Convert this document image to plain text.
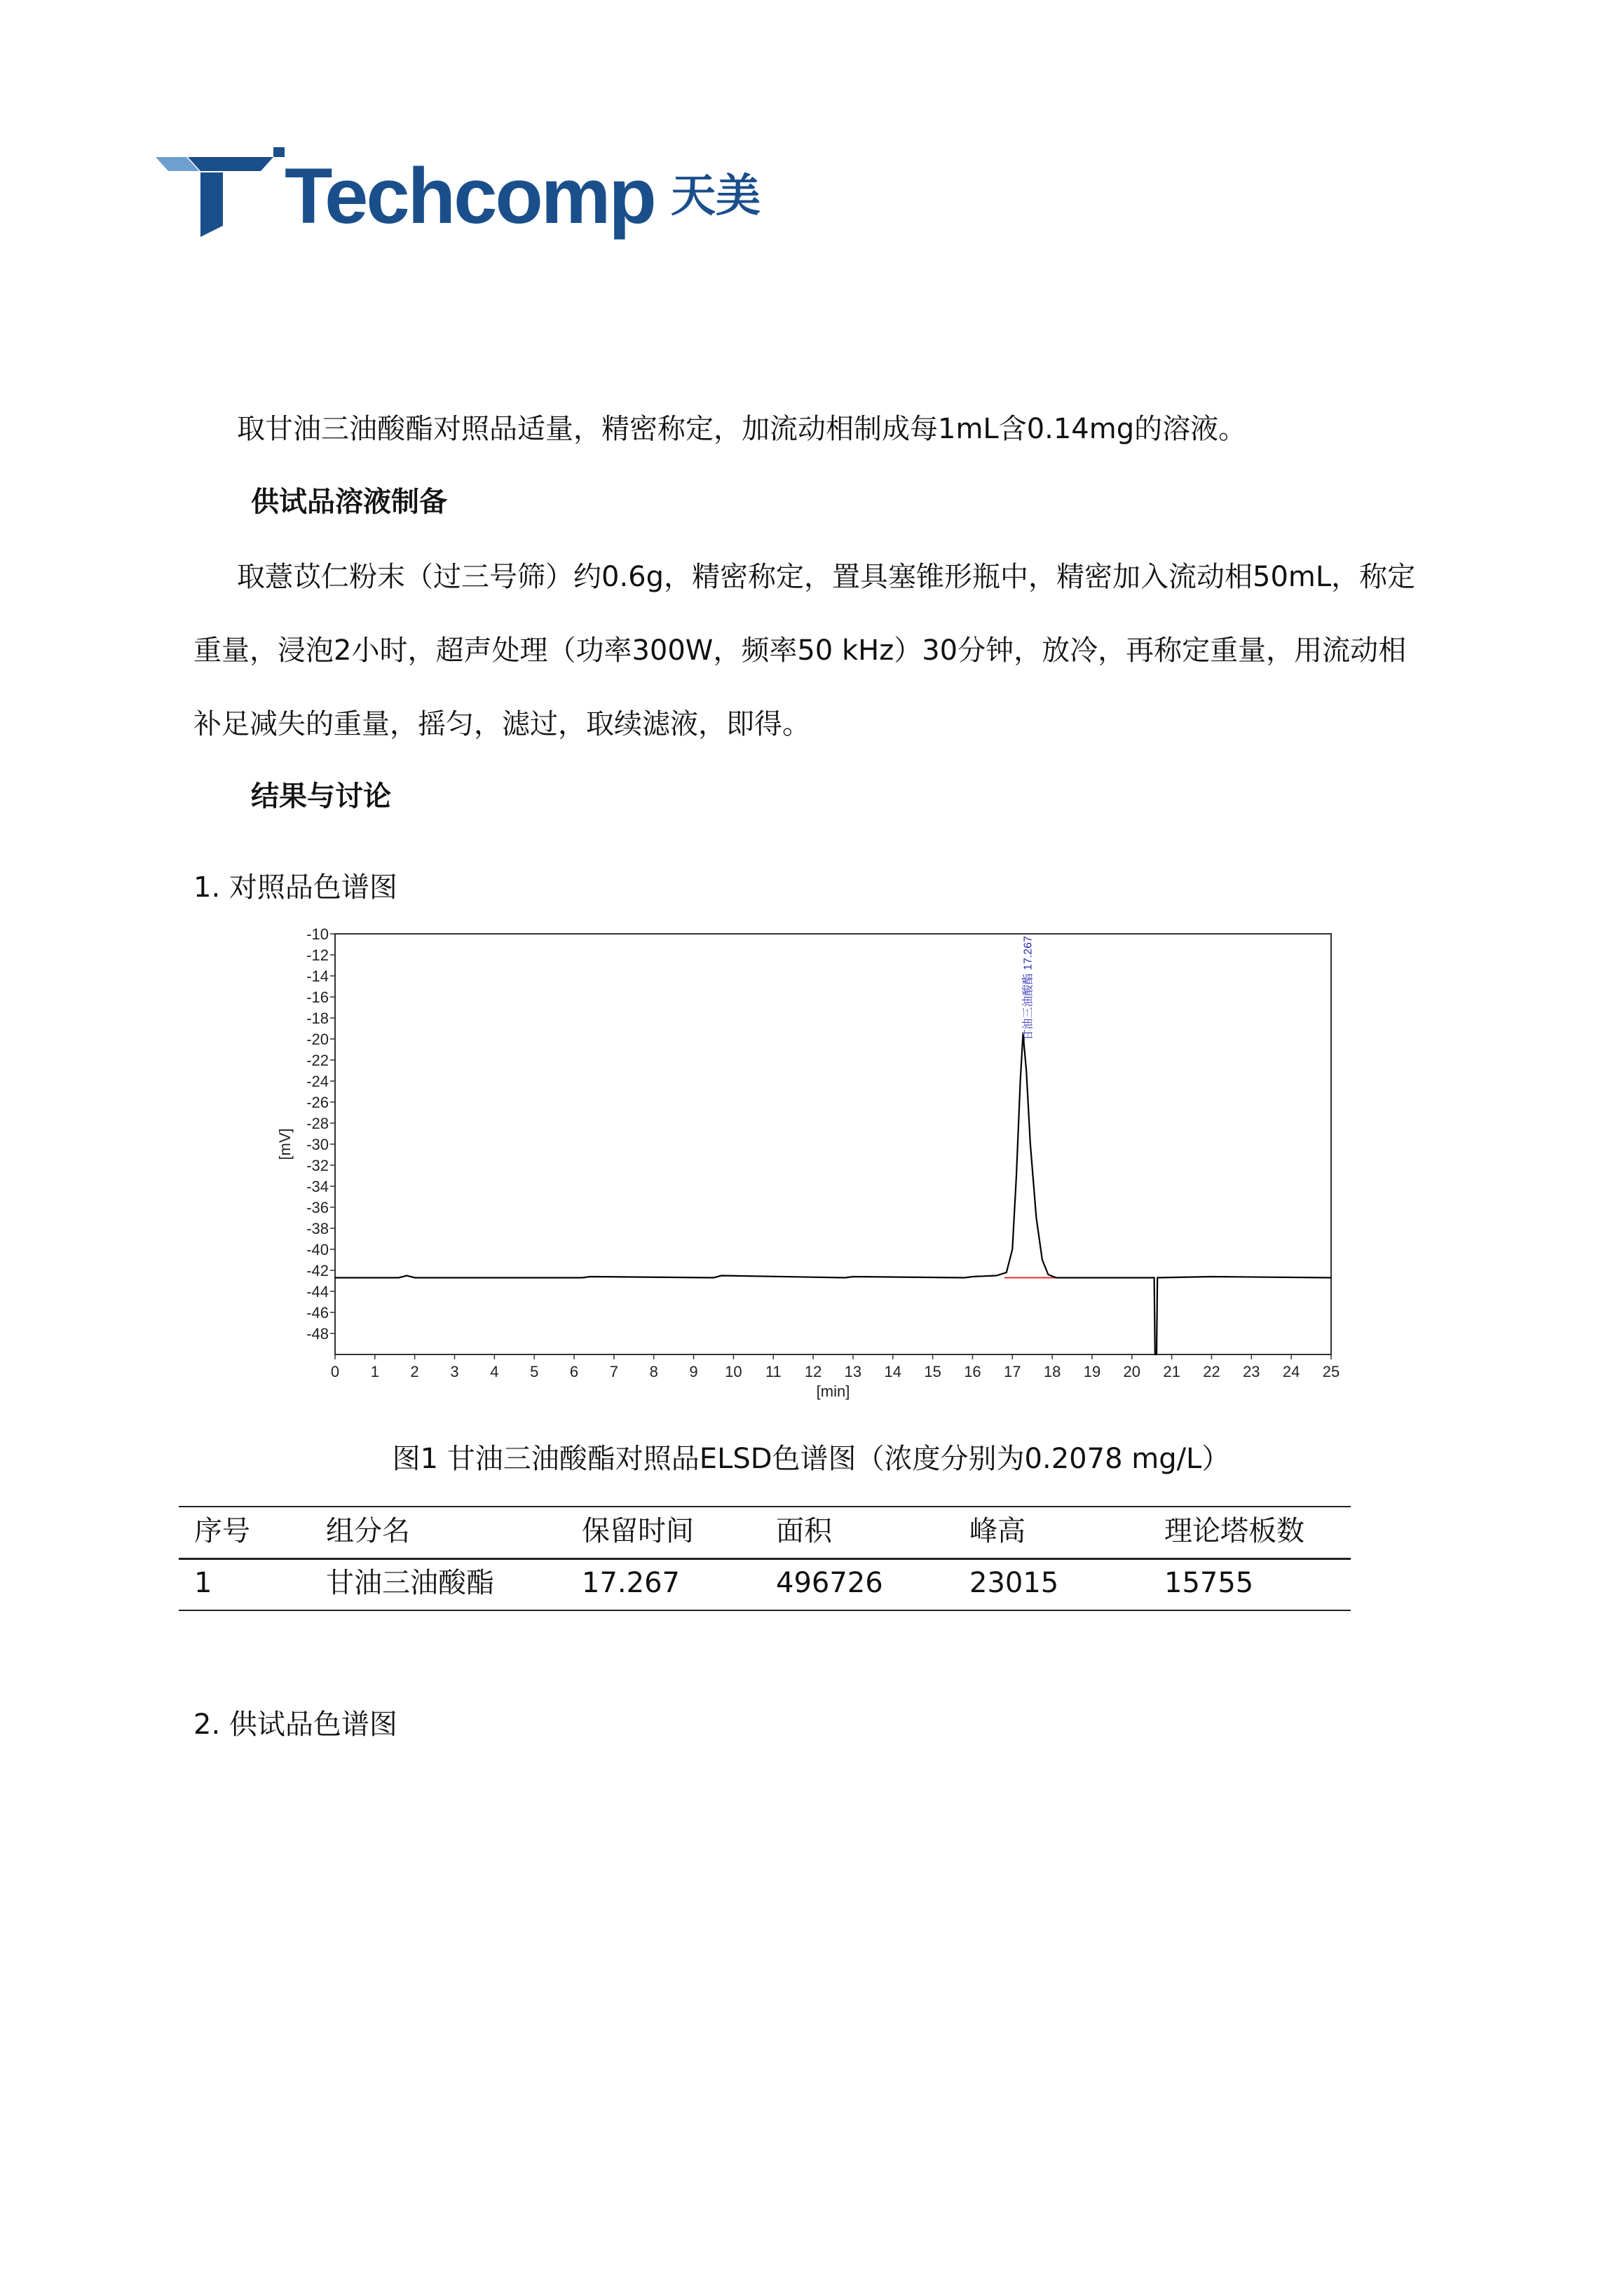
Techcomp 天美
取甘油三油酸酯对照品适量，精密称定，加流动相制成每1mL含0.14mg的溶液。
供试品溶液制备
取薏苡仁粉末（过三号筛）约0.6g，精密称定，置具塞锥形瓶中，精密加入流动相50mL，称定
重量，浸泡2小时，超声处理（功率300W，频率50 kHz）30分钟，放冷，再称定重量，用流动相
补足减失的重量，摇匀，滤过，取续滤液，即得。
结果与讨论
1. 对照品色谱图
-10
-12
-14
-16
-18
-20
-22
-24
-26
-28
-30
-32
-34
-36
-38
-40
-42
-44
-46
-48
0 1 2 3 4 5 6 7 8 9 10 11 12 13 14 15 16 17 18 19 20 21 22 23 24 25
[min]
[mV]
甘油三油酸酯 17.267
图1 甘油三油酸酯对照品ELSD色谱图（浓度分别为0.2078 mg/L）
序号	组分名	保留时间	面积	峰高	理论塔板数
1	甘油三油酸酯	17.267	496726	23015	15755
2. 供试品色谱图
